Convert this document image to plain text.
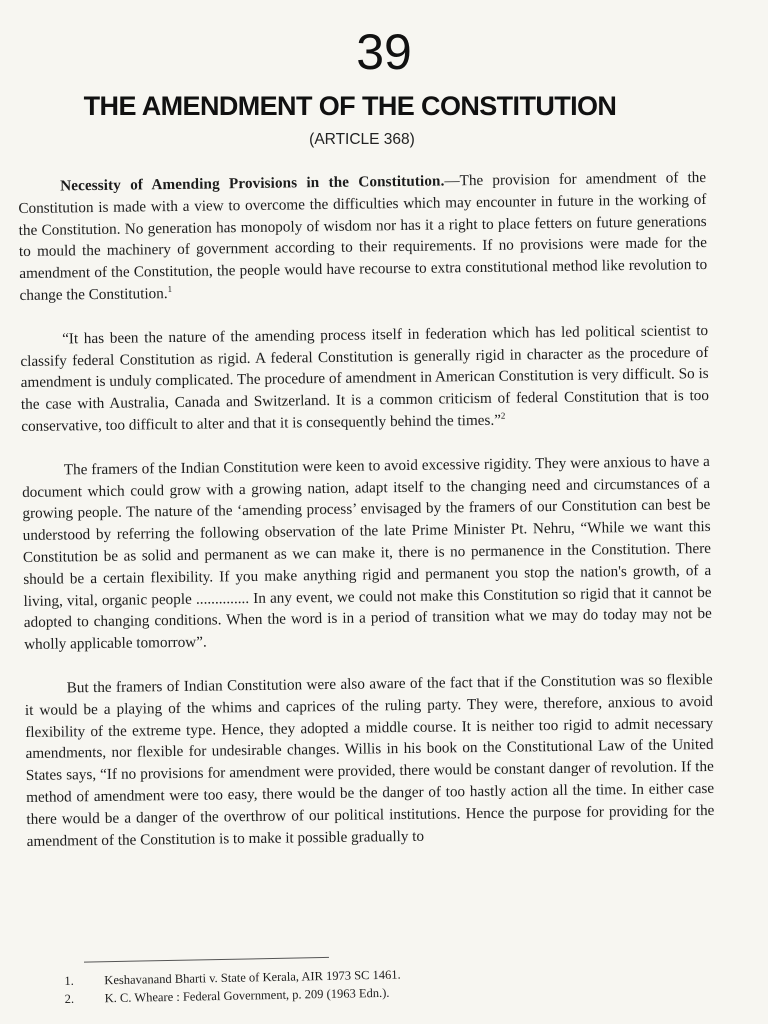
39
THE AMENDMENT OF THE CONSTITUTION
(ARTICLE 368)

Necessity of Amending Provisions in the Constitution.—The provision for amendment of the Constitution is made with a view to overcome the difficulties which may encounter in future in the working of the Constitution. No generation has monopoly of wisdom nor has it a right to place fetters on future generations to mould the machinery of government according to their requirements. If no provisions were made for the amendment of the Constitution, the people would have recourse to extra constitutional method like revolution to change the Constitution.$^1$

“It has been the nature of the amending process itself in federation which has led political scientist to classify federal Constitution as rigid. A federal Constitution is generally rigid in character as the procedure of amendment is unduly complicated. The procedure of amendment in American Constitution is very difficult. So is the case with Australia, Canada and Switzerland. It is a common criticism of federal Constitution that is too conservative, too difficult to alter and that it is consequently behind the times.”$^2$

The framers of the Indian Constitution were keen to avoid excessive rigidity. They were anxious to have a document which could grow with a growing nation, adapt itself to the changing need and circumstances of a growing people. The nature of the ‘amending process’ envisaged by the framers of our Constitution can best be understood by referring the following observation of the late Prime Minister Pt. Nehru, “While we want this Constitution be as solid and permanent as we can make it, there is no permanence in the Constitution. There should be a certain flexibility. If you make anything rigid and permanent you stop the nation's growth, of a living, vital, organic people .............. In any event, we could not make this Constitution so rigid that it cannot be adopted to changing conditions. When the word is in a period of transition what we may do today may not be wholly applicable tomorrow”.

But the framers of Indian Constitution were also aware of the fact that if the Constitution was so flexible it would be a playing of the whims and caprices of the ruling party. They were, therefore, anxious to avoid flexibility of the extreme type. Hence, they adopted a middle course. It is neither too rigid to admit necessary amendments, nor flexible for undesirable changes. Willis in his book on the Constitutional Law of the United States says, “If no provisions for amendment were provided, there would be constant danger of revolution. If the method of amendment were too easy, there would be the danger of too hastly action all the time. In either case there would be a danger of the overthrow of our political institutions. Hence the purpose for providing for the amendment of the Constitution is to make it possible gradually to

1. Keshavanand Bharti v. State of Kerala, AIR 1973 SC 1461.
2. K. C. Wheare : Federal Government, p. 209 (1963 Edn.).
